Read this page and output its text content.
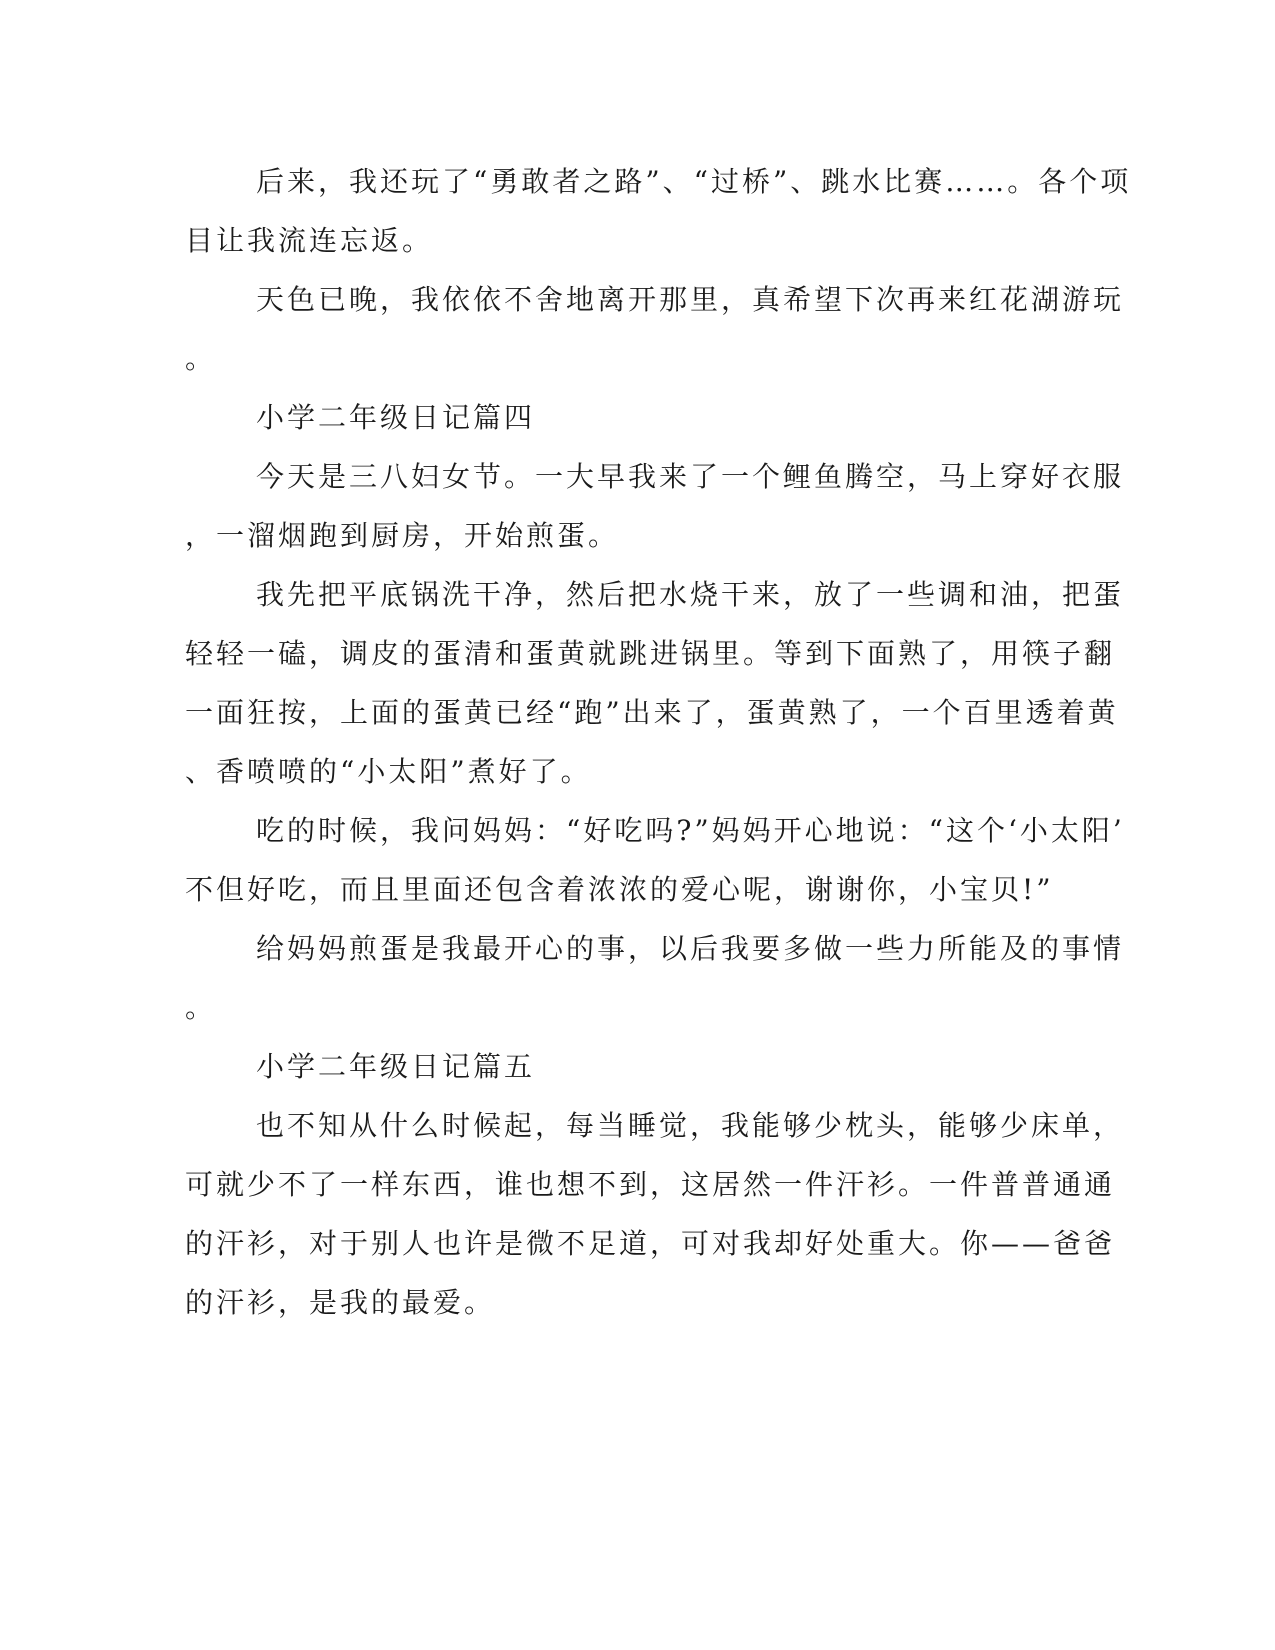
后来，我还玩了“勇敢者之路”、“过桥”、跳水比赛……。各个项
目让我流连忘返。
天色已晚，我依依不舍地离开那里，真希望下次再来红花湖游玩
。
小学二年级日记篇四
今天是三八妇女节。一大早我来了一个鲤鱼腾空，马上穿好衣服
，一溜烟跑到厨房，开始煎蛋。
我先把平底锅洗干净，然后把水烧干来，放了一些调和油，把蛋
轻轻一磕，调皮的蛋清和蛋黄就跳进锅里。等到下面熟了，用筷子翻
一面狂按，上面的蛋黄已经“跑”出来了，蛋黄熟了，一个百里透着黄
、香喷喷的“小太阳”煮好了。
吃的时候，我问妈妈：“好吃吗?”妈妈开心地说：“这个‘小太阳’
不但好吃，而且里面还包含着浓浓的爱心呢，谢谢你，小宝贝!”
给妈妈煎蛋是我最开心的事，以后我要多做一些力所能及的事情
。
小学二年级日记篇五
也不知从什么时候起，每当睡觉，我能够少枕头，能够少床单，
可就少不了一样东西，谁也想不到，这居然一件汗衫。一件普普通通
的汗衫，对于别人也许是微不足道，可对我却好处重大。你——爸爸
的汗衫，是我的最爱。
